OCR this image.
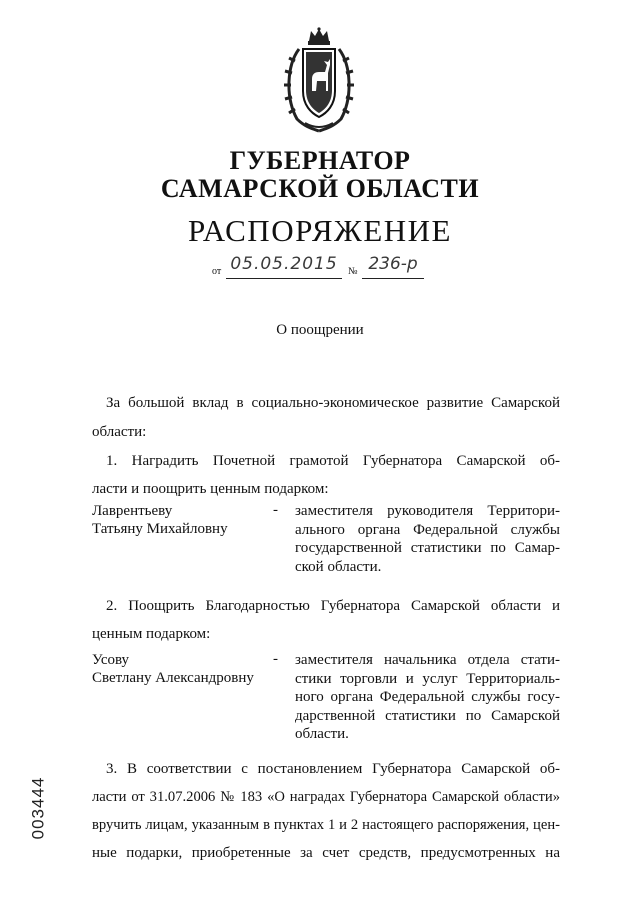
ГУБЕРНАТОР
САМАРСКОЙ ОБЛАСТИ
РАСПОРЯЖЕНИЕ
от 05.05.2015	№ 236-р
О поощрении
За большой вклад в социально-экономическое развитие Самарской
области:
1. Наградить Почетной грамотой Губернатора Самарской об-
ласти и поощрить ценным подарком:
Лаврентьеву
Татьяну Михайловну
- заместителя руководителя Территори-
ального органа Федеральной службы
государственной статистики по Самар-
ской области.
2. Поощрить Благодарностью Губернатора Самарской области и
ценным подарком:
Усову
Светлану Александровну
- заместителя начальника отдела стати-
стики торговли и услуг Территориаль-
ного органа Федеральной службы госу-
дарственной статистики по Самарской
области.
3. В соответствии с постановлением Губернатора Самарской об-
ласти от 31.07.2006 № 183 «О наградах Губернатора Самарской области»
вручить лицам, указанным в пунктах 1 и 2 настоящего распоряжения, цен-
ные подарки, приобретенные за счет средств, предусмотренных на
003444
